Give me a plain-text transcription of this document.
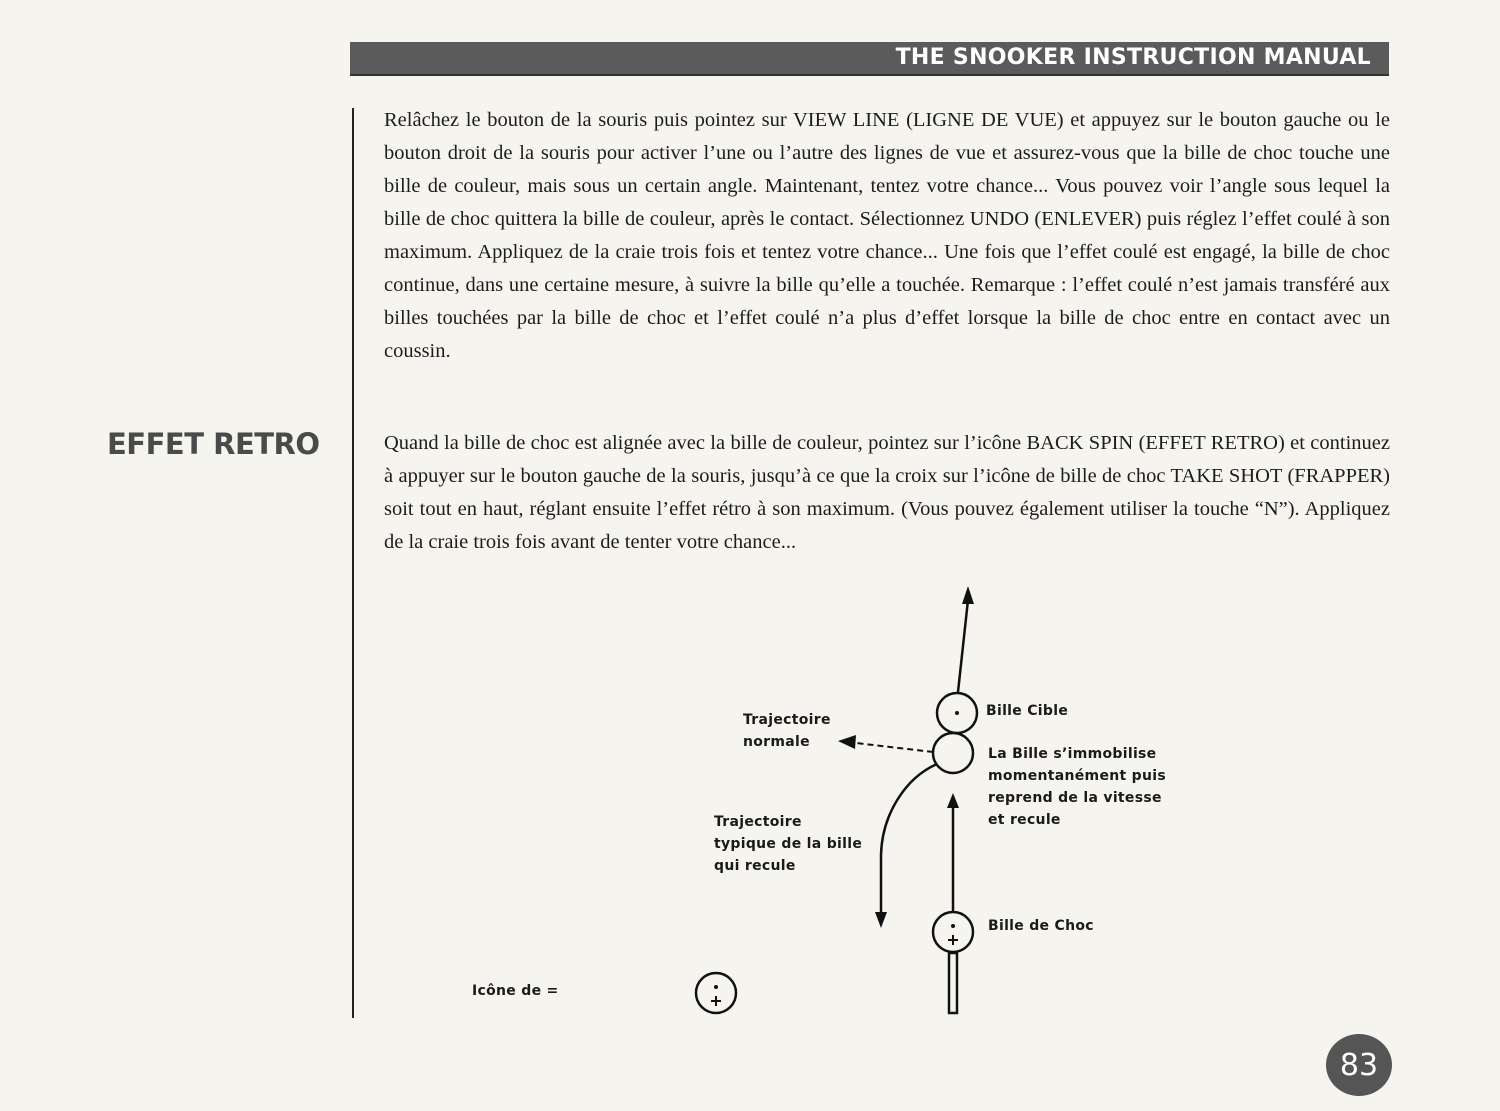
THE SNOOKER INSTRUCTION MANUAL

Relâchez le bouton de la souris puis pointez sur VIEW LINE (LIGNE DE VUE) et appuyez sur le bouton gauche ou le bouton droit de la souris pour activer l’une ou l’autre des lignes de vue et assurez-vous que la bille de choc touche une bille de couleur, mais sous un certain angle. Maintenant, tentez votre chance... Vous pouvez voir l’angle sous lequel la bille de choc quittera la bille de couleur, après le contact. Sélectionnez UNDO (ENLEVER) puis réglez l’effet coulé à son maximum. Appliquez de la craie trois fois et tentez votre chance... Une fois que l’effet coulé est engagé, la bille de choc continue, dans une certaine mesure, à suivre la bille qu’elle a touchée. Remarque : l’effet coulé n’est jamais transféré aux billes touchées par la bille de choc et l’effet coulé n’a plus d’effet lorsque la bille de choc entre en contact avec un coussin.

EFFET RETRO	Quand la bille de choc est alignée avec la bille de couleur, pointez sur l’icône BACK SPIN (EFFET RETRO) et continuez à appuyer sur le bouton gauche de la souris, jusqu’à ce que la croix sur l’icône de bille de choc TAKE SHOT (FRAPPER) soit tout en haut, réglant ensuite l’effet rétro à son maximum. (Vous pouvez également utiliser la touche “N”). Appliquez de la craie trois fois avant de tenter votre chance...

Bille Cible
Trajectoire
normale
La Bille s’immobilise
momentanément puis
reprend de la vitesse
et recule
Trajectoire
typique de la bille
qui recule
Bille de Choc
Icône de =
83
